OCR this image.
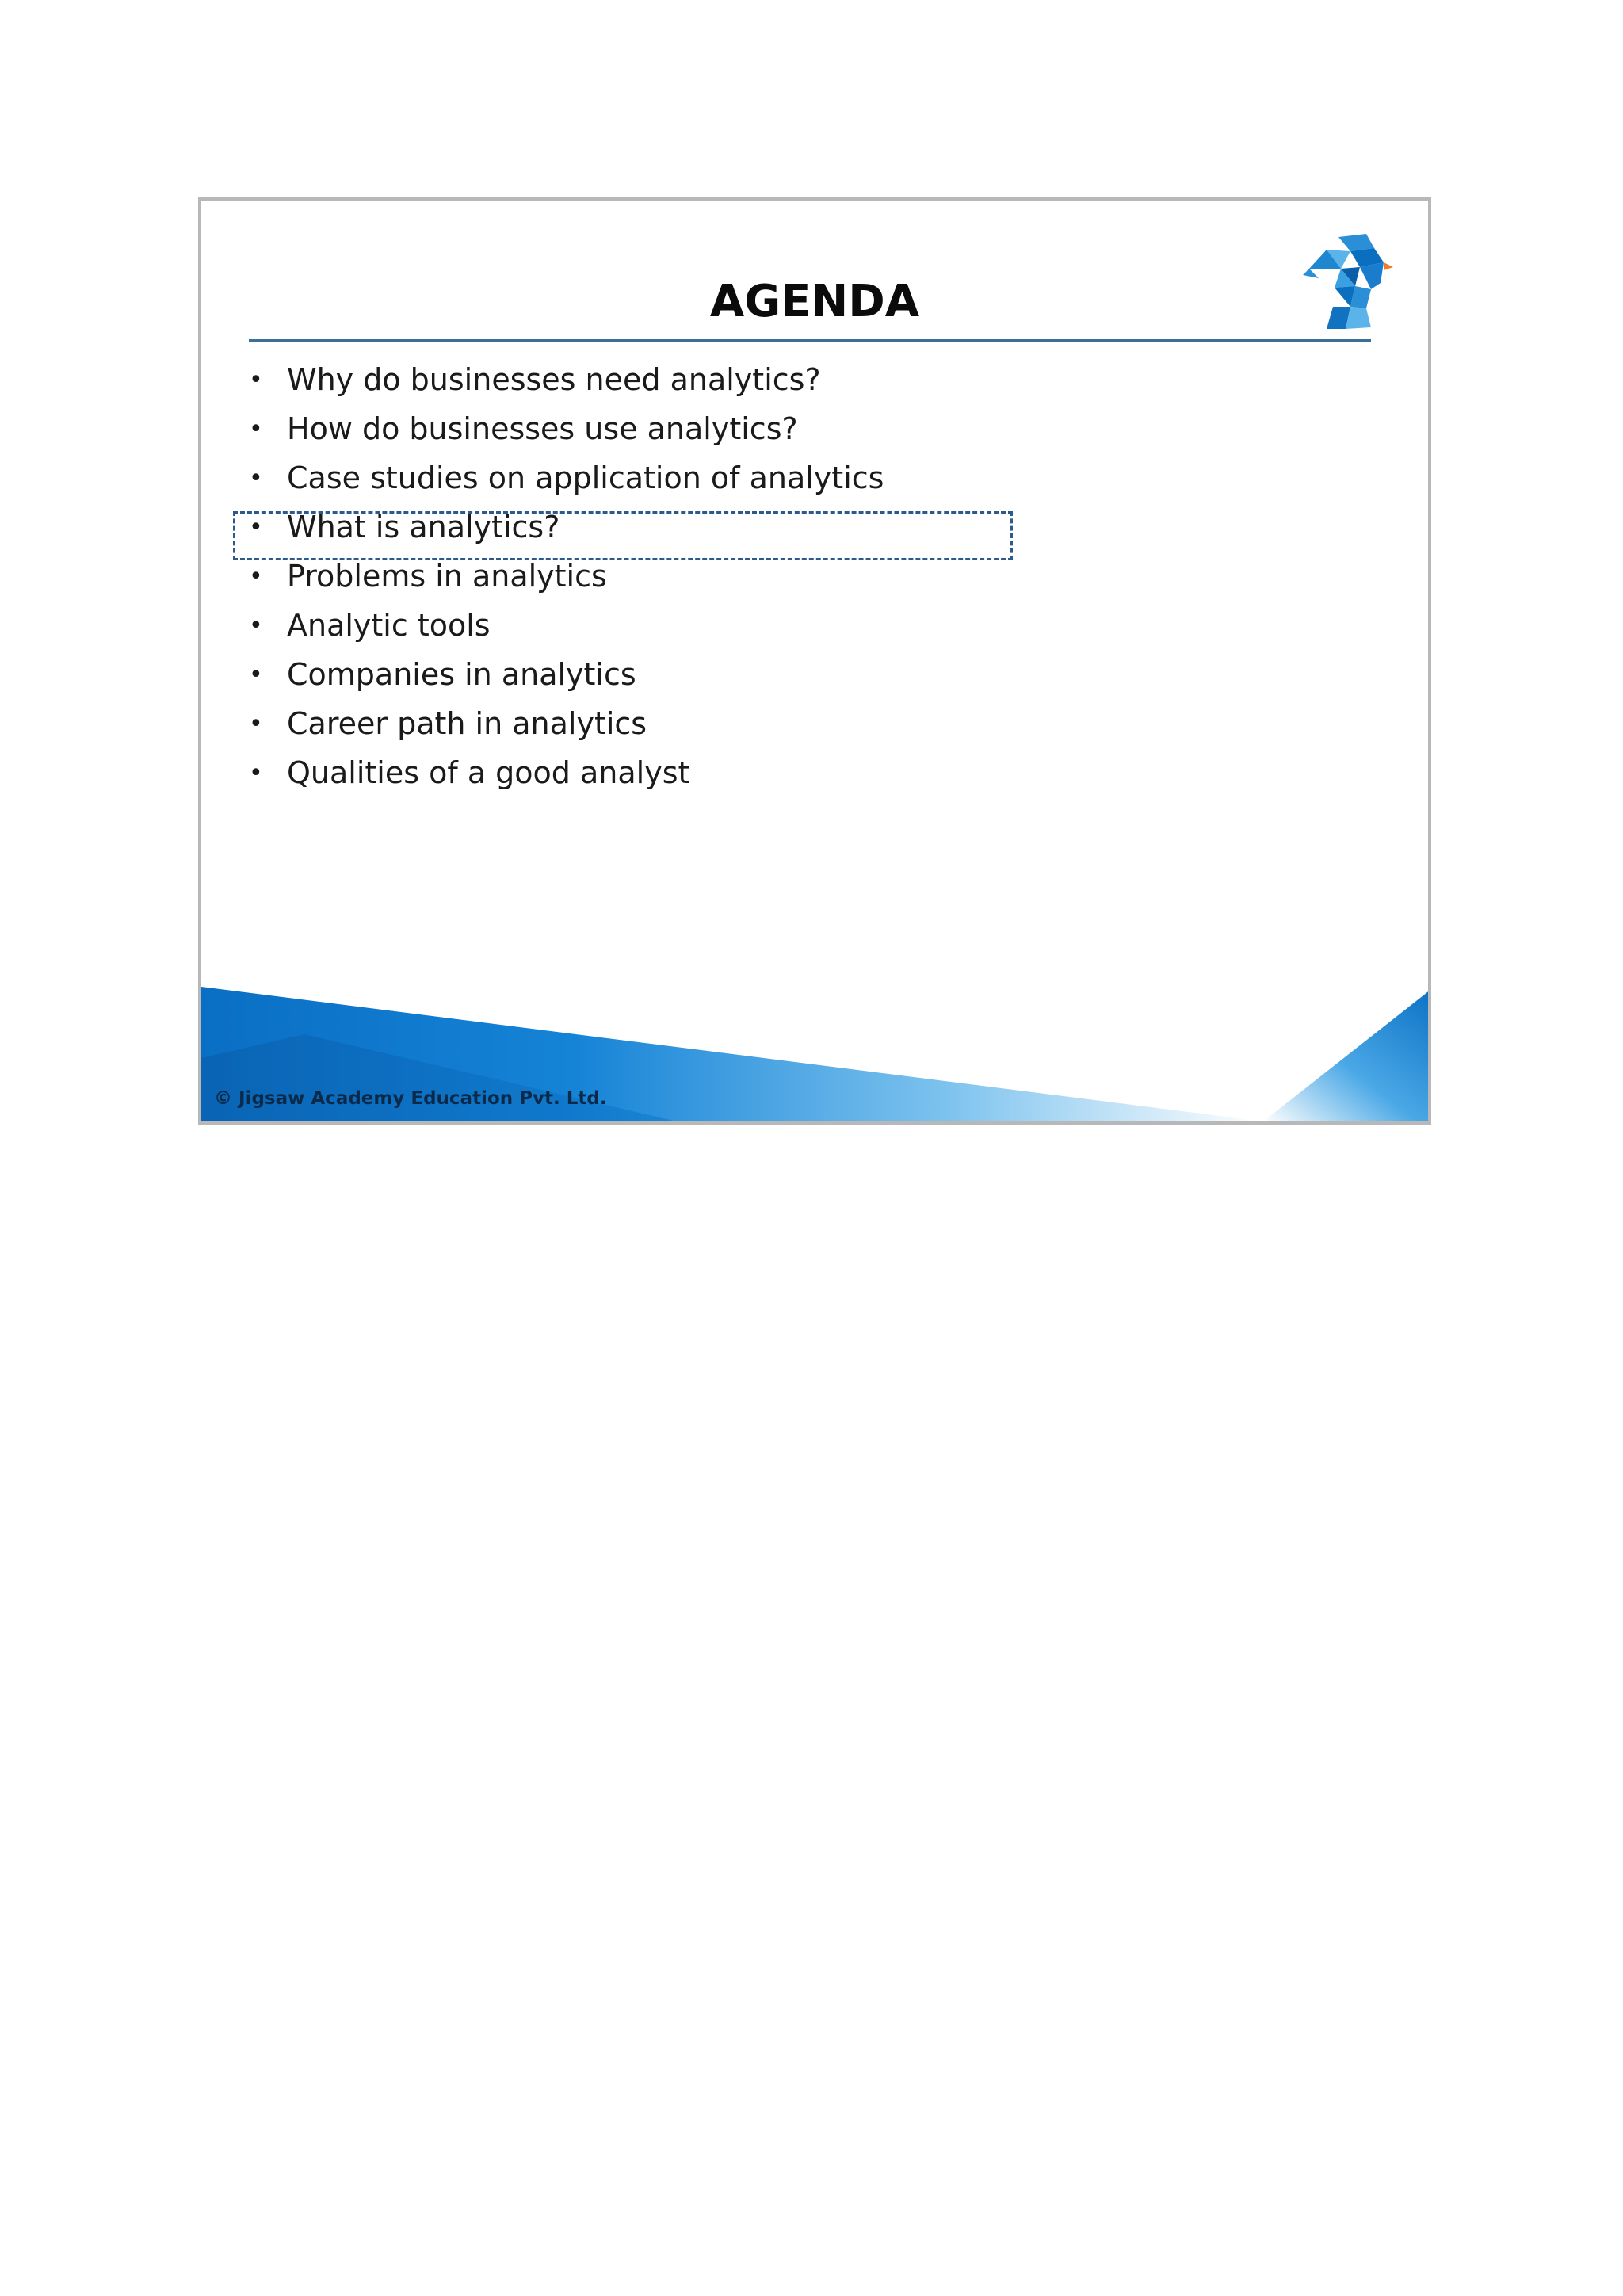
AGENDA
• Why do businesses need analytics?
• How do businesses use analytics?
• Case studies on application of analytics
• What is analytics?
• Problems in analytics
• Analytic tools
• Companies in analytics
• Career path in analytics
• Qualities of a good analyst
© Jigsaw Academy Education Pvt. Ltd.
